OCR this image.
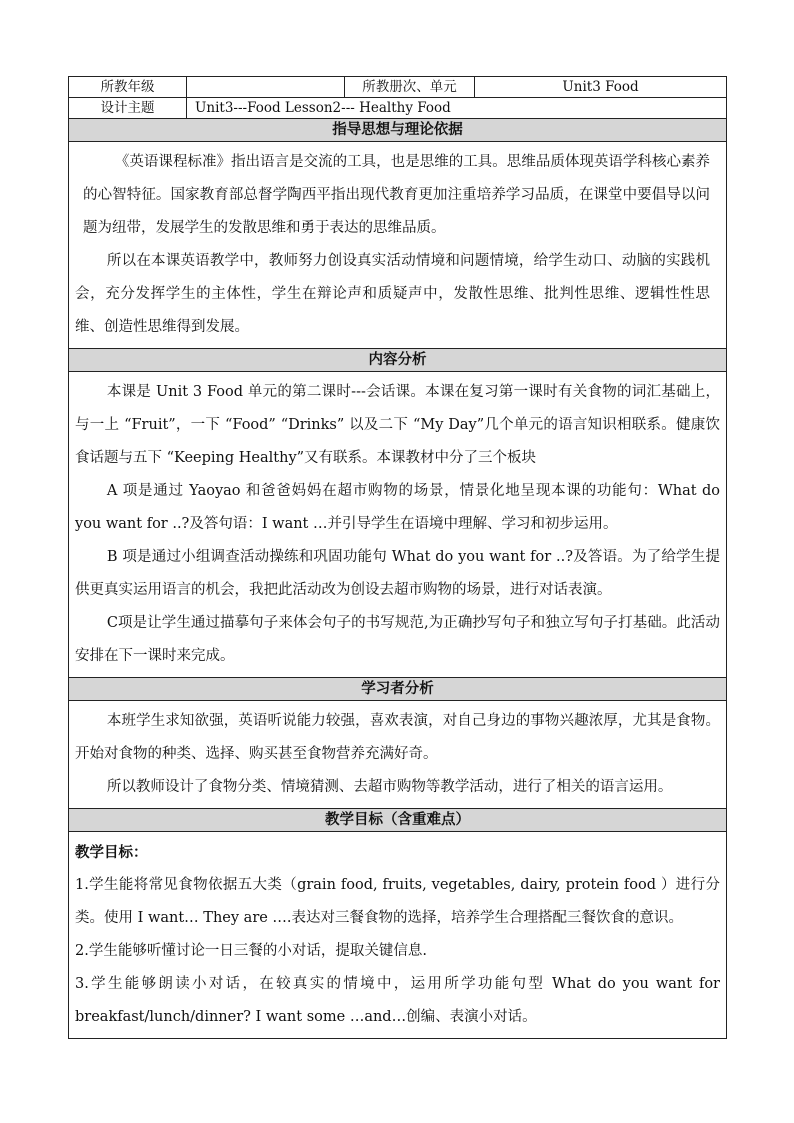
所教年级		所教册次、单元	Unit3 Food
设计主题	Unit3---Food Lesson2--- Healthy Food		
指导思想与理论依据			

《英语课程标准》指出语言是交流的工具，也是思维的工具。思维品质体现英语学科核心素养的心智特征。国家教育部总督学陶西平指出现代教育更加注重培养学习品质，在课堂中要倡导以问题为纽带，发展学生的发散思维和勇于表达的思维品质。

所以在本课英语教学中，教师努力创设真实活动情境和问题情境，给学生动口、动脑的实践机会，充分发挥学生的主体性，学生在辩论声和质疑声中，发散性思维、批判性思维、逻辑性性思维、创造性思维得到发展。			

内容分析			

本课是 Unit 3 Food 单元的第二课时---会话课。本课在复习第一课时有关食物的词汇基础上，与一上 “Fruit”，一下 “Food” “Drinks” 以及二下 “My Day”几个单元的语言知识相联系。健康饮食话题与五下 “Keeping Healthy”又有联系。本课教材中分了三个板块

A 项是通过 Yaoyao 和爸爸妈妈在超市购物的场景，情景化地呈现本课的功能句：What do you want for ..?及答句语：I want …并引导学生在语境中理解、学习和初步运用。

B 项是通过小组调查活动操练和巩固功能句 What do you want for ..?及答语。为了给学生提供更真实运用语言的机会，我把此活动改为创设去超市购物的场景，进行对话表演。

C项是让学生通过描摹句子来体会句子的书写规范,为正确抄写句子和独立写句子打基础。此活动安排在下一课时来完成。			

学习者分析			

本班学生求知欲强，英语听说能力较强，喜欢表演，对自己身边的事物兴趣浓厚，尤其是食物。开始对食物的种类、选择、购买甚至食物营养充满好奇。

所以教师设计了食物分类、情境猜测、去超市购物等教学活动，进行了相关的语言运用。			

教学目标（含重难点）			

教学目标：

1.学生能将常见食物依据五大类（grain food, fruits, vegetables, dairy, protein food ）进行分类。使用 I want… They are ….表达对三餐食物的选择，培养学生合理搭配三餐饮食的意识。

2.学生能够听懂讨论一日三餐的小对话，提取关键信息.

3.学生能够朗读小对话，在较真实的情境中，运用所学功能句型 What do you want for breakfast/lunch/dinner? I want some …and…创编、表演小对话。			
